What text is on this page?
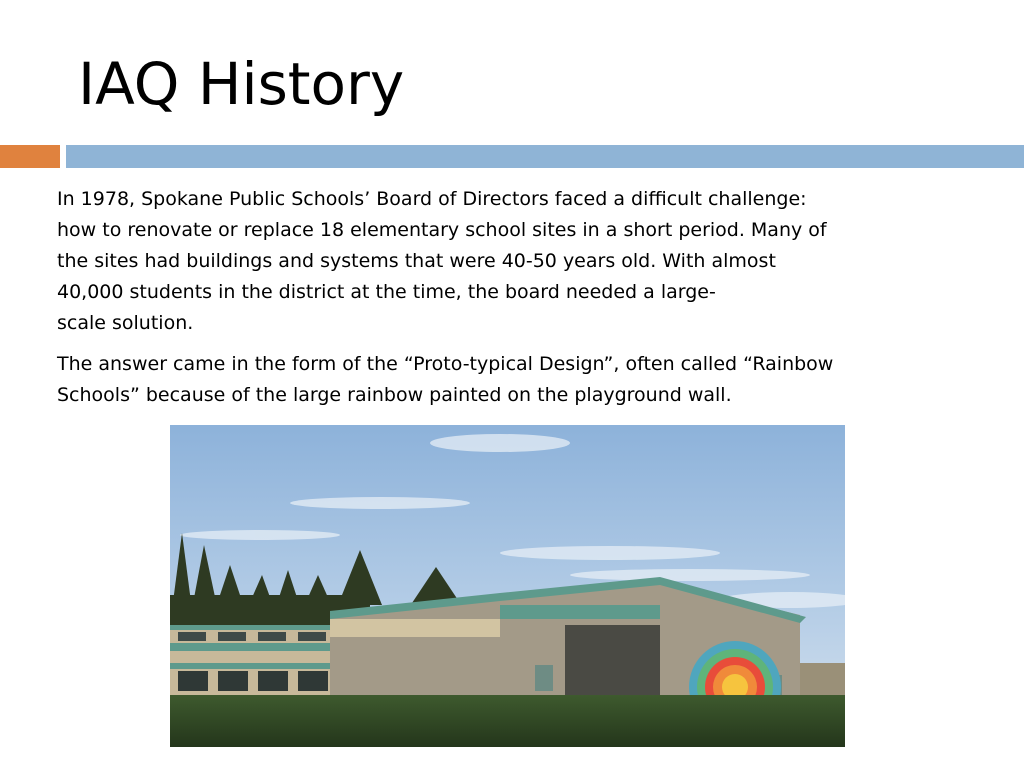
IAQ History

In 1978, Spokane Public Schools’ Board of Directors faced a difficult challenge:
how to renovate or replace 18 elementary school sites in a short period. Many of
the sites had buildings and systems that were 40-50 years old. With almost
40,000 students in the district at the time, the board needed a large-
scale solution.

The answer came in the form of the “Proto-typical Design”, often called “Rainbow
Schools” because of the large rainbow painted on the playground wall.
